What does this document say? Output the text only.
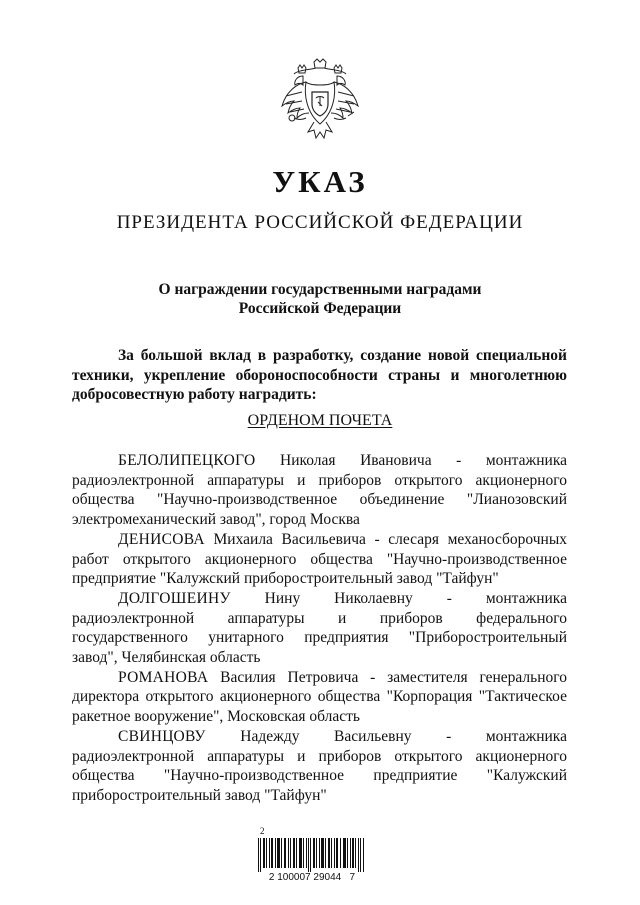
УКАЗ
ПРЕЗИДЕНТА РОССИЙСКОЙ ФЕДЕРАЦИИ
О награждении государственными наградами
Российской Федерации
За большой вклад в разработку, создание новой специальной техники, укрепление обороноспособности страны и многолетнюю добросовестную работу наградить:
ОРДЕНОМ ПОЧЕТА

БЕЛОЛИПЕЦКОГО Николая Ивановича - монтажника радиоэлектронной аппаратуры и приборов открытого акционерного общества "Научно-производственное объединение "Лианозовский электромеханический завод", город Москва

ДЕНИСОВА Михаила Васильевича - слесаря механосборочных работ открытого акционерного общества "Научно-производственное предприятие "Калужский приборостроительный завод "Тайфун"

ДОЛГОШЕИНУ Нину Николаевну - монтажника радиоэлектронной аппаратуры и приборов федерального государственного унитарного предприятия "Приборостроительный завод", Челябинская область

РОМАНОВА Василия Петровича - заместителя генерального директора открытого акционерного общества "Корпорация "Тактическое ракетное вооружение", Московская область

СВИНЦОВУ Надежду Васильевну - монтажника радиоэлектронной аппаратуры и приборов открытого акционерного общества "Научно-производственное предприятие "Калужский приборостроительный завод "Тайфун"

2
2 100007 29044   7
